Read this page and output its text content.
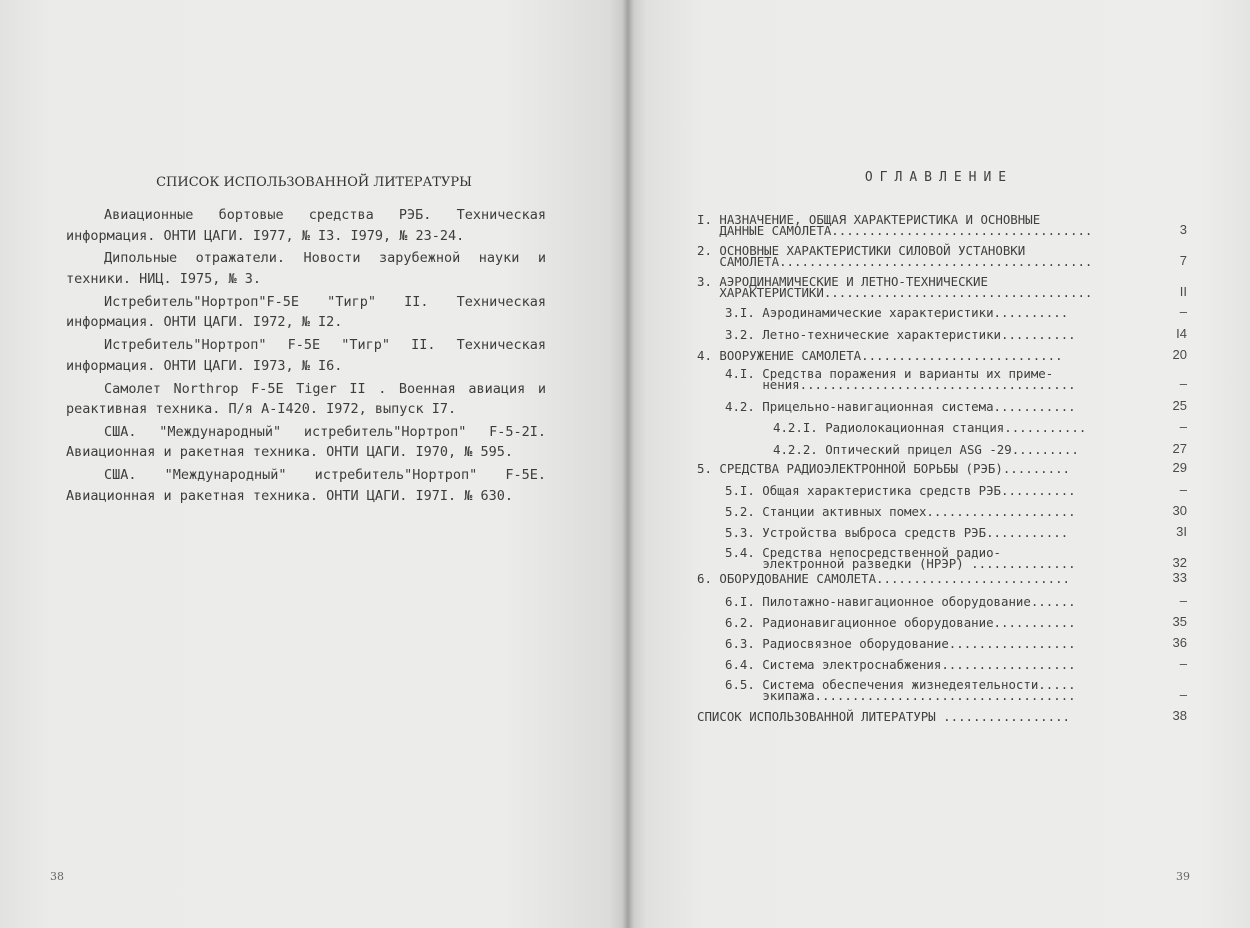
СПИСОК ИСПОЛЬЗОВАННОЙ ЛИТЕРАТУРЫ

Авиационные бортовые средства РЭБ. Техническая информация. ОНТИ ЦАГИ. I977, № I3. I979, № 23-24.

Дипольные отражатели. Новости зарубежной науки и техники. НИЦ. I975, № 3.

Истребитель"Нортроп"F-5E "Тигр" II. Техническая информация. ОНТИ ЦАГИ. I972, № I2.

Истребитель"Нортроп" F-5E "Тигр" II. Техническая информация. ОНТИ ЦАГИ. I973, № I6.

Самолет Northrop F-5E Tiger II . Военная авиация и реактивная техника. П/я A-I420. I972, выпуск I7.

США. "Международный" истребитель"Нортроп" F-5-2I. Авиационная и ракетная техника. ОНТИ ЦАГИ. I970, № 595.

США. "Международный" истребитель"Нортроп" F-5E. Авиационная и ракетная техника. ОНТИ ЦАГИ. I97I. № 630.

38
ОГЛАВЛЕНИЕ
I. НАЗНАЧЕНИЕ, ОБЩАЯ ХАРАКТЕРИСТИКА И ОСНОВНЫЕ
ДАННЫЕ САМОЛЕТА...................................	3
2. ОСНОВНЫЕ ХАРАКТЕРИСТИКИ СИЛОВОЙ УСТАНОВКИ
САМОЛЕТА..........................................	7
3. АЭРОДИНАМИЧЕСКИЕ И ЛЕТНО-ТЕХНИЧЕСКИЕ
ХАРАКТЕРИСТИКИ....................................	II
3.I. Аэродинамические характеристики..........	–
3.2. Летно-технические характеристики..........	I4
4. ВООРУЖЕНИЕ САМОЛЕТА...........................	20
4.I. Средства поражения и варианты их приме-
нения.....................................	–
4.2. Прицельно-навигационная система...........	25
4.2.I. Радиолокационная станция...........	–
4.2.2. Оптический прицел ASG -29.........	27
5. СРЕДСТВА РАДИОЭЛЕКТРОННОЙ БОРЬБЫ (РЭБ).........	29
5.I. Общая характеристика средств РЭБ..........	–
5.2. Станции активных помех....................	30
5.3. Устройства выброса средств РЭБ...........	3I
5.4. Средства непосредственной радио-
электронной разведки (НРЭР) ..............	32
6. ОБОРУДОВАНИЕ САМОЛЕТА..........................	33
6.I. Пилотажно-навигационное оборудование......	–
6.2. Радионавигационное оборудование...........	35
6.3. Радиосвязное оборудование.................	36
6.4. Система электроснабжения..................	–
6.5. Система обеспечения жизнедеятельности.....
экипажа...................................	–
СПИСОК ИСПОЛЬЗОВАННОЙ ЛИТЕРАТУРЫ .................	38
39
